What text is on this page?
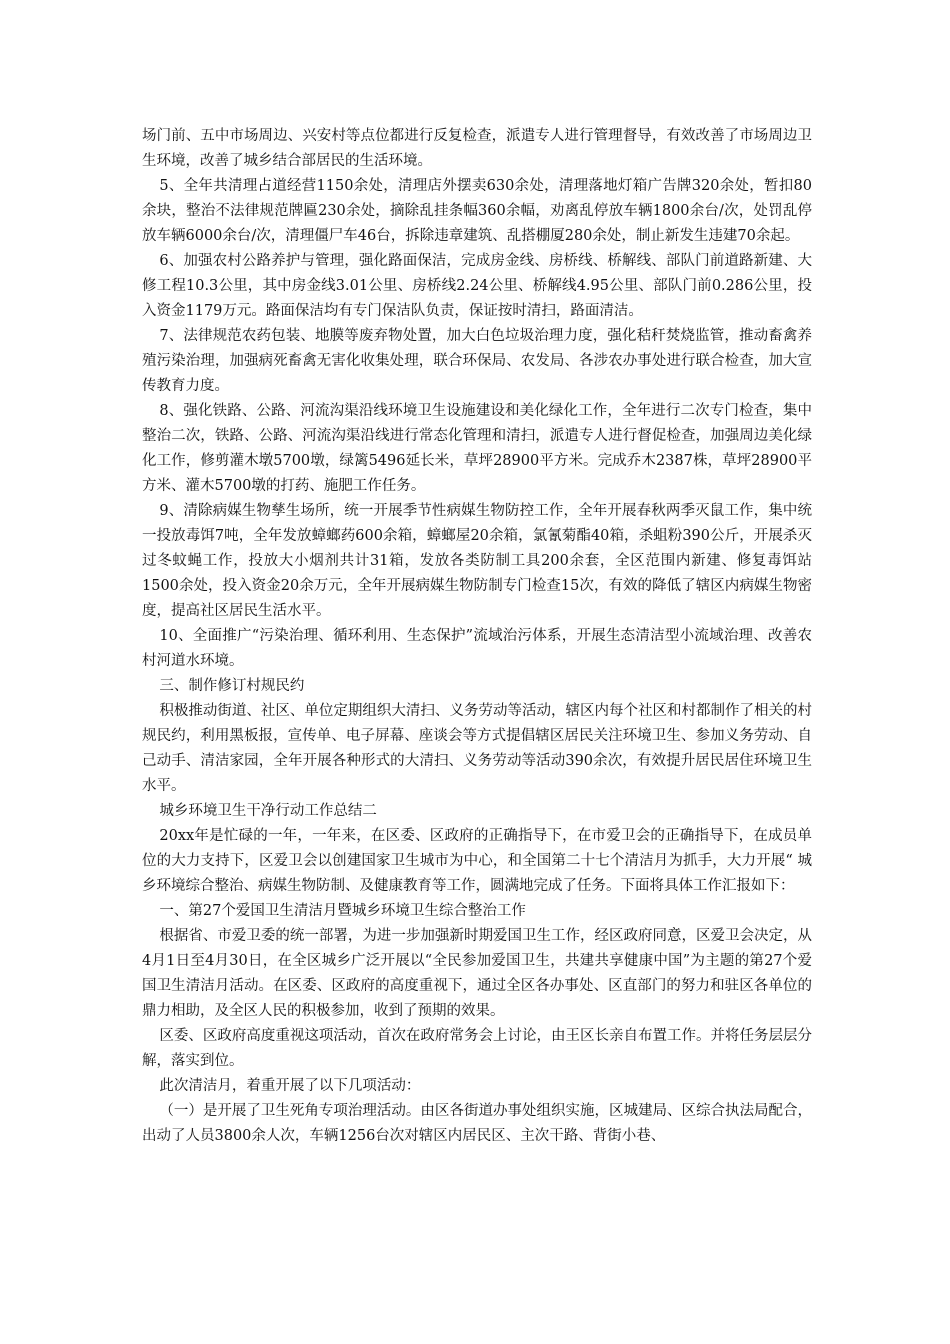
场门前、五中市场周边、兴安村等点位都进行反复检查，派遣专人进行管理督导，有效改善了市场周边卫生环境，改善了城乡结合部居民的生活环境。

5、全年共清理占道经营1150余处，清理店外摆卖630余处，清理落地灯箱广告牌320余处，暂扣80余块，整治不法律规范牌匾230余处，摘除乱挂条幅360余幅，劝离乱停放车辆1800余台/次，处罚乱停放车辆6000余台/次，清理僵尸车46台，拆除违章建筑、乱搭棚厦280余处，制止新发生违建70余起。

6、加强农村公路养护与管理，强化路面保洁，完成房金线、房桥线、桥解线、部队门前道路新建、大修工程10.3公里，其中房金线3.01公里、房桥线2.24公里、桥解线4.95公里、部队门前0.286公里，投入资金1179万元。路面保洁均有专门保洁队负责，保证按时清扫，路面清洁。

7、法律规范农药包装、地膜等废弃物处置，加大白色垃圾治理力度，强化秸秆焚烧监管，推动畜禽养殖污染治理，加强病死畜禽无害化收集处理，联合环保局、农发局、各涉农办事处进行联合检查，加大宣传教育力度。

8、强化铁路、公路、河流沟渠沿线环境卫生设施建设和美化绿化工作，全年进行二次专门检查，集中整治二次，铁路、公路、河流沟渠沿线进行常态化管理和清扫，派遣专人进行督促检查，加强周边美化绿化工作，修剪灌木墩5700墩，绿篱5496延长米，草坪28900平方米。完成乔木2387株，草坪28900平方米、灌木5700墩的打药、施肥工作任务。

9、清除病媒生物孳生场所，统一开展季节性病媒生物防控工作，全年开展春秋两季灭鼠工作，集中统一投放毒饵7吨，全年发放蟑螂药600余箱，蟑螂屋20余箱，氯氰菊酯40箱，杀蛆粉390公斤，开展杀灭过冬蚊蝇工作，投放大小烟剂共计31箱，发放各类防制工具200余套，全区范围内新建、修复毒饵站1500余处，投入资金20余万元，全年开展病媒生物防制专门检查15次，有效的降低了辖区内病媒生物密度，提高社区居民生活水平。

10、全面推广“污染治理、循环利用、生态保护”流域治污体系，开展生态清洁型小流域治理、改善农村河道水环境。

三、制作修订村规民约

积极推动街道、社区、单位定期组织大清扫、义务劳动等活动，辖区内每个社区和村都制作了相关的村规民约，利用黑板报，宣传单、电子屏幕、座谈会等方式提倡辖区居民关注环境卫生、参加义务劳动、自己动手、清洁家园，全年开展各种形式的大清扫、义务劳动等活动390余次，有效提升居民居住环境卫生水平。

城乡环境卫生干净行动工作总结二

20xx年是忙碌的一年，一年来，在区委、区政府的正确指导下，在市爱卫会的正确指导下，在成员单位的大力支持下，区爱卫会以创建国家卫生城市为中心，和全国第二十七个清洁月为抓手，大力开展“ 城乡环境综合整治、病媒生物防制、及健康教育等工作，圆满地完成了任务。下面将具体工作汇报如下：

一、第27个爱国卫生清洁月暨城乡环境卫生综合整治工作

根据省、市爱卫委的统一部署，为进一步加强新时期爱国卫生工作，经区政府同意，区爱卫会决定，从4月1日至4月30日，在全区城乡广泛开展以“全民参加爱国卫生，共建共享健康中国”为主题的第27个爱国卫生清洁月活动。在区委、区政府的高度重视下，通过全区各办事处、区直部门的努力和驻区各单位的鼎力相助，及全区人民的积极参加，收到了预期的效果。

区委、区政府高度重视这项活动，首次在政府常务会上讨论，由王区长亲自布置工作。并将任务层层分解，落实到位。

此次清洁月，着重开展了以下几项活动：

（一）是开展了卫生死角专项治理活动。由区各街道办事处组织实施，区城建局、区综合执法局配合，出动了人员3800余人次，车辆1256台次对辖区内居民区、主次干路、背街小巷、
